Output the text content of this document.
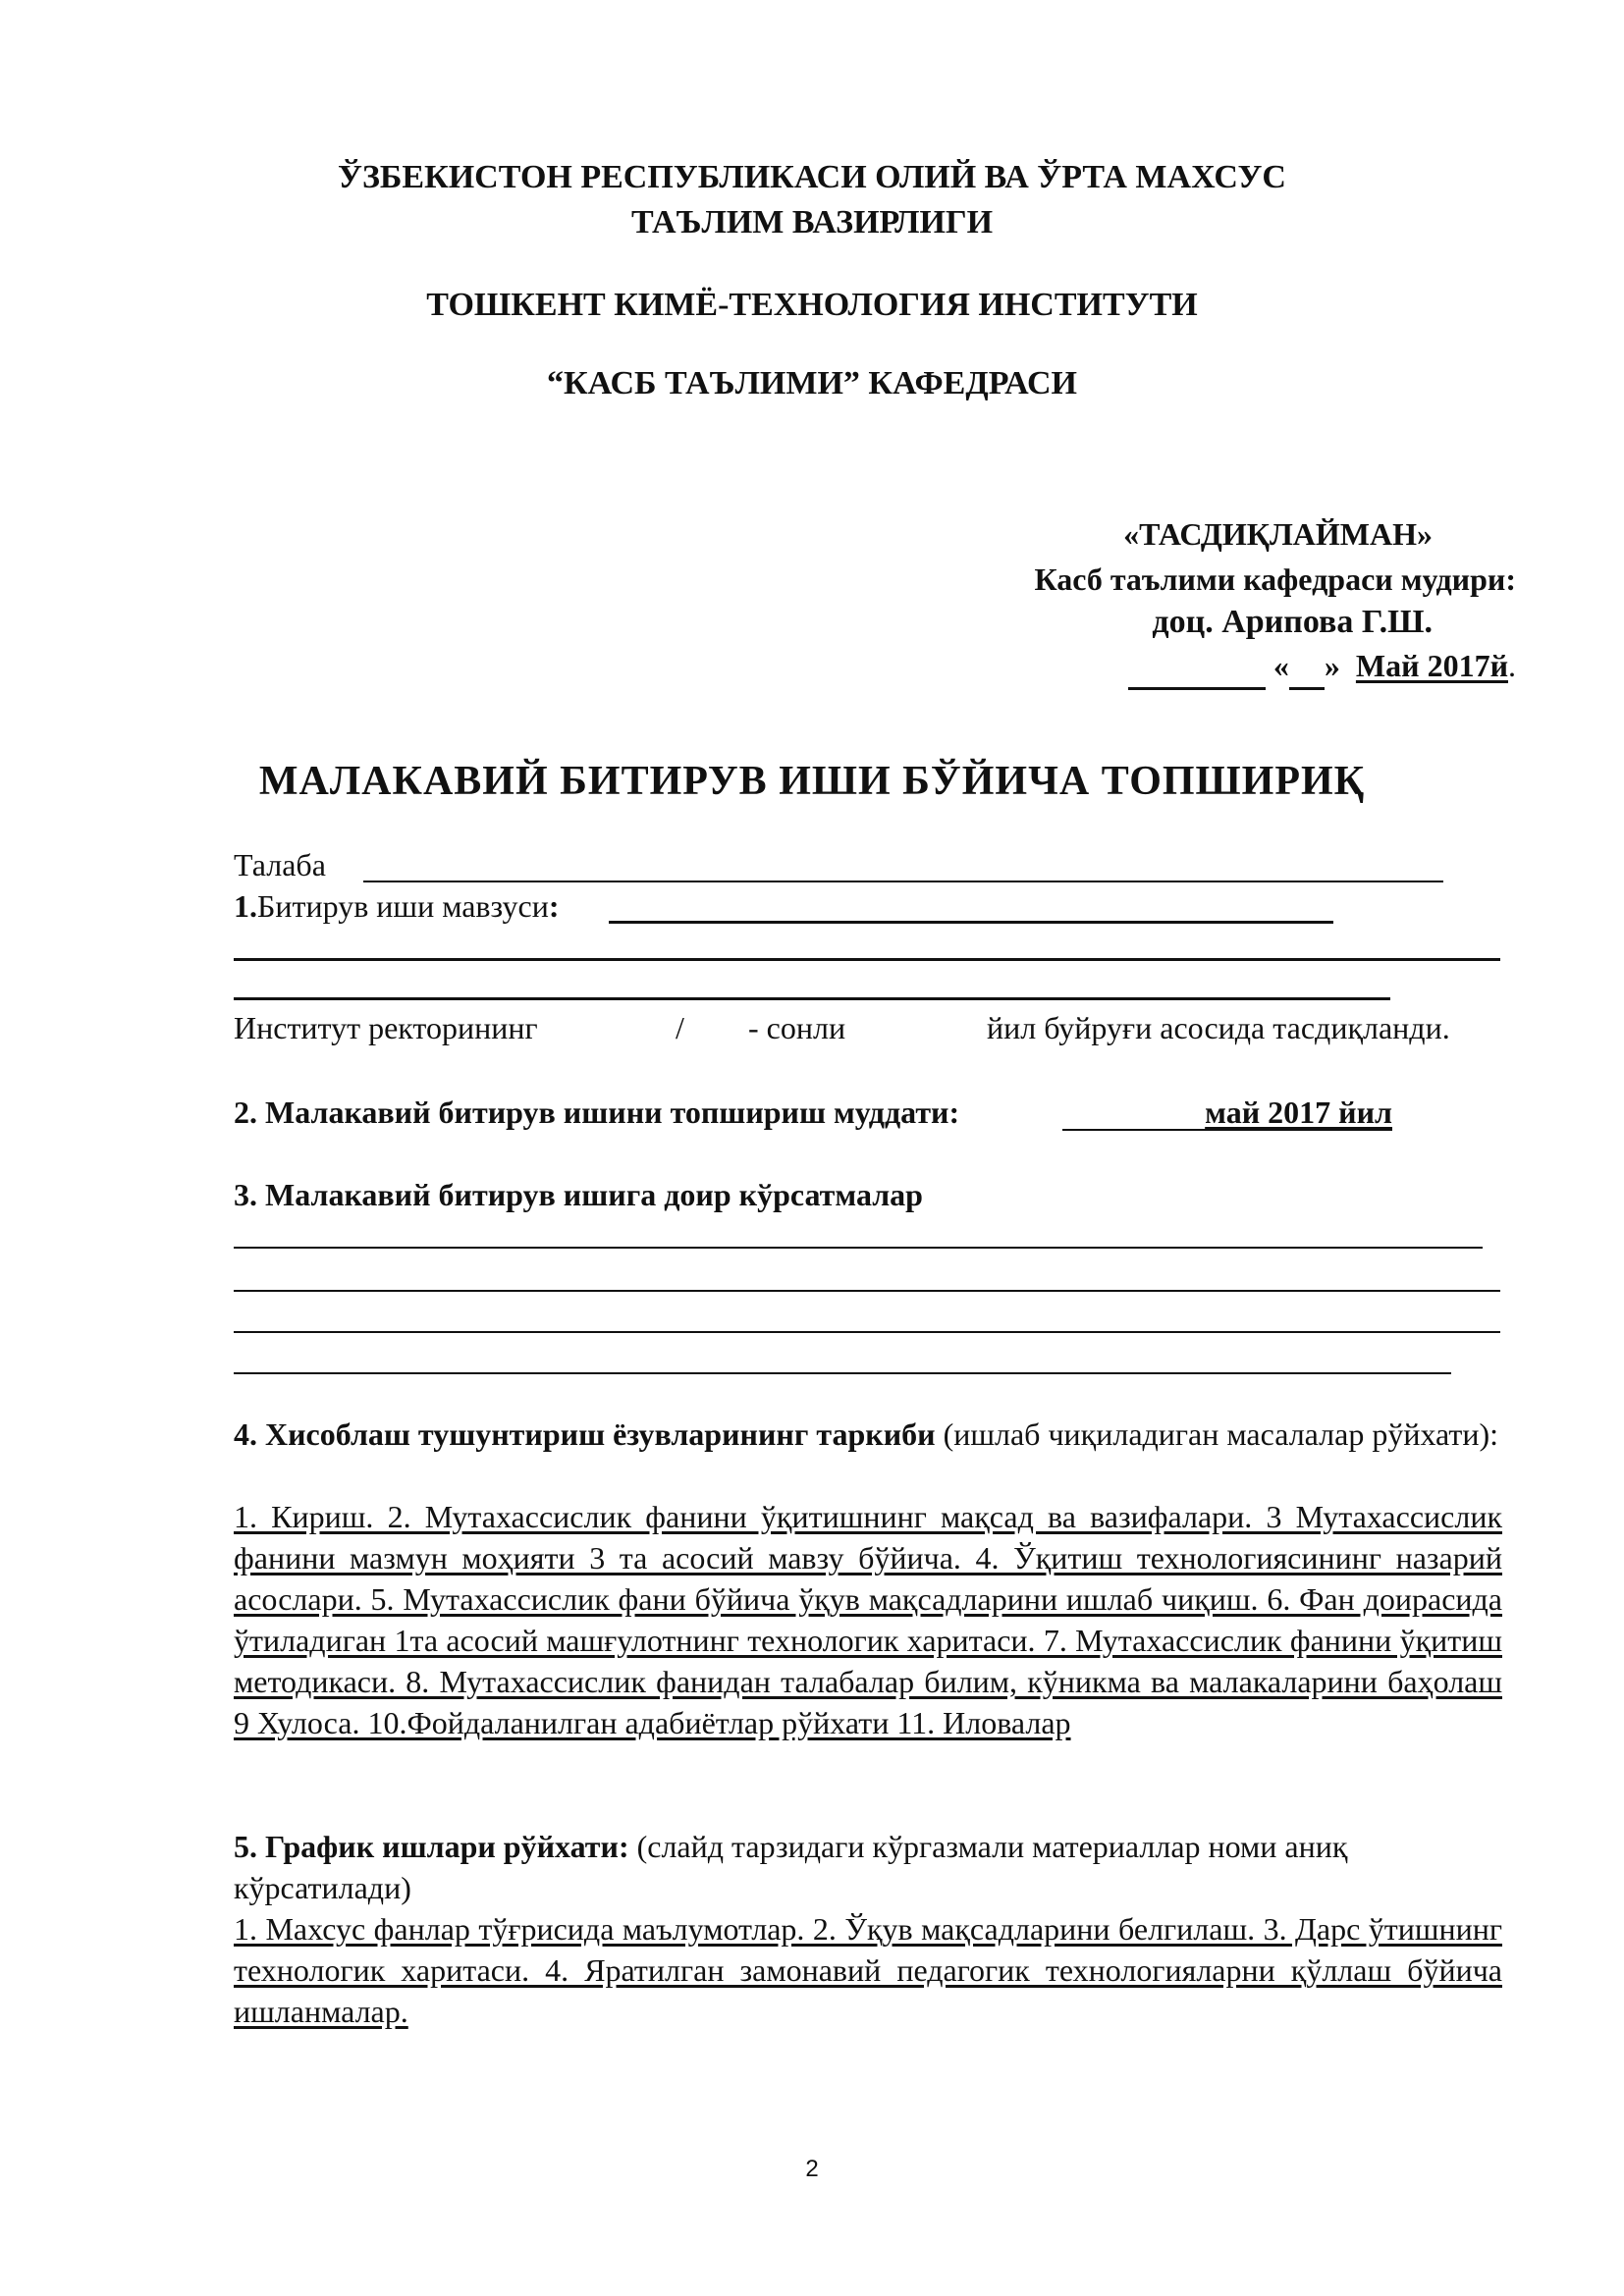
ЎЗБЕКИСТОН РЕСПУБЛИКАСИ ОЛИЙ ВА ЎРТА МАХСУС
ТАЪЛИМ ВАЗИРЛИГИ
ТОШКЕНТ КИМЁ-ТЕХНОЛОГИЯ ИНСТИТУТИ
“КАСБ ТАЪЛИМИ” КАФЕДРАСИ
«ТАСДИҚЛАЙМАН»
Касб таълими кафедраси мудири:
доц. Арипова Г.Ш.
« » Май 2017й.
МАЛАКАВИЙ БИТИРУВ ИШИ БЎЙИЧА ТОПШИРИҚ
Талаба
1.Битирув иши мавзуси:
Институт ректорининг	/ - сонли	йил буйруғи асосида тасдиқланди.
2. Малакавий битирув ишини топшириш муддати:	май 2017 йил
3. Малакавий битирув ишига доир кўрсатмалар
4. Хисоблаш тушунтириш ёзувларининг таркиби (ишлаб чиқиладиган масалалар рўйхати):
1. Кириш. 2. Мутахассислик фанини ўқитишнинг мақсад ва вазифалари. 3 Мутахассислик фанини мазмун моҳияти 3 та асосий мавзу бўйича. 4. Ўқитиш технологиясининг назарий асослари. 5. Мутахассислик фани бўйича ўқув мақсадларини ишлаб чиқиш. 6. Фан доирасида ўтиладиган 1та асосий машғулотнинг технологик харитаси. 7. Мутахассислик фанини ўқитиш методикаси. 8. Мутахассислик фанидан талабалар билим, кўникма ва малакаларини баҳолаш 9 Хулоса. 10.Фойдаланилган адабиётлар рўйхати 11. Иловалар
5. График ишлари рўйхати: (слайд тарзидаги кўргазмали материаллар номи аниқ кўрсатилади)
1. Махсус фанлар тўғрисида маълумотлар. 2. Ўқув мақсадларини белгилаш. 3. Дарс ўтишнинг технологик харитаси. 4. Яратилган замонавий педагогик технологияларни қўллаш бўйича ишланмалар.
2
